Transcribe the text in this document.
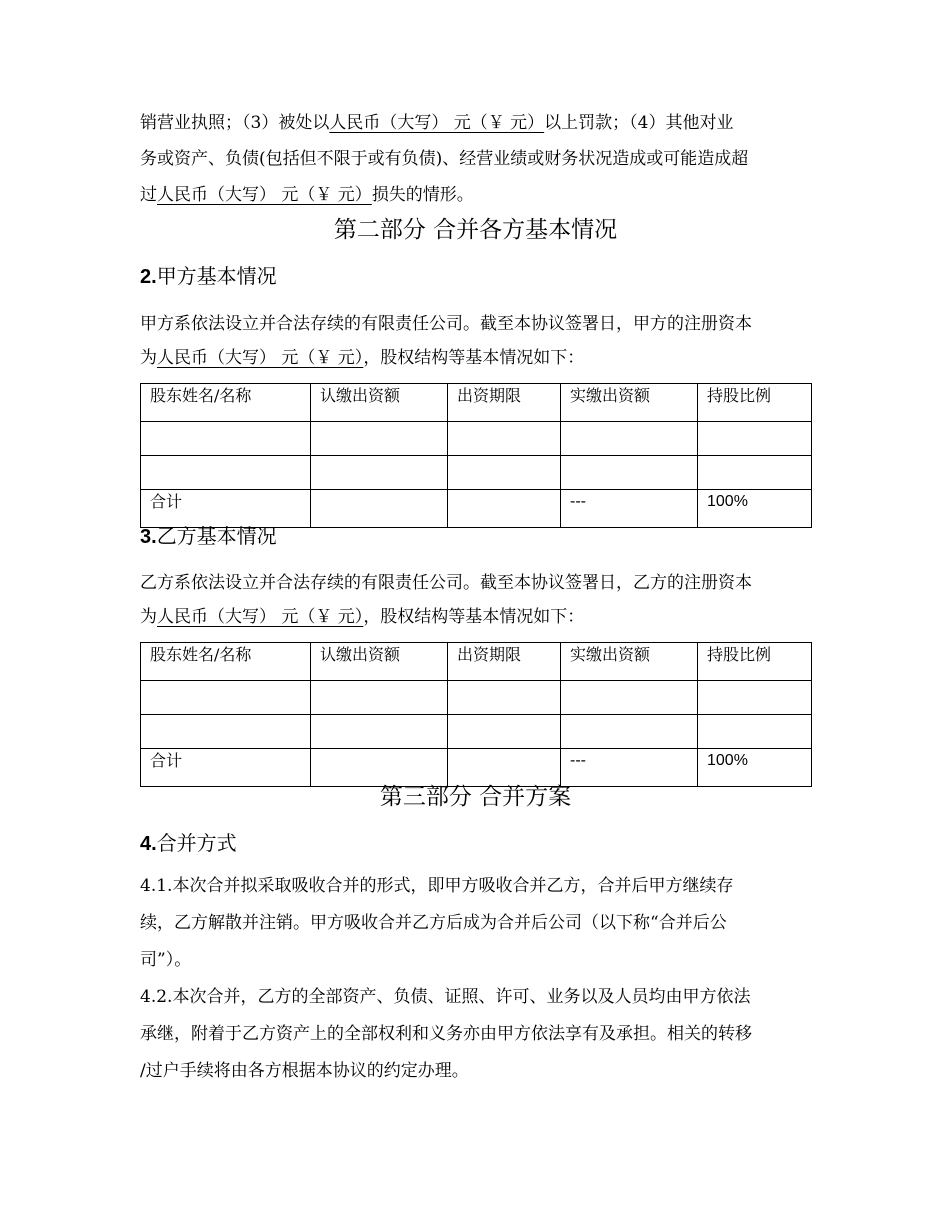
销营业执照；（3）被处以人民币（大写） 元（￥ 元）以上罚款；（4）其他对业
务或资产、负债(包括但不限于或有负债)、经营业绩或财务状况造成或可能造成超
过人民币（大写） 元（￥ 元）损失的情形。
第二部分 合并各方基本情况
2.甲方基本情况
甲方系依法设立并合法存续的有限责任公司。截至本协议签署日，甲方的注册资本
为人民币（大写） 元（￥ 元），股权结构等基本情况如下：
股东姓名/名称	认缴出资额	出资期限	实缴出资额	持股比例

合计			---	100%
3.乙方基本情况
乙方系依法设立并合法存续的有限责任公司。截至本协议签署日，乙方的注册资本
为人民币（大写） 元（￥ 元），股权结构等基本情况如下：
股东姓名/名称	认缴出资额	出资期限	实缴出资额	持股比例

合计			---	100%
第三部分 合并方案
4.合并方式
4.1.本次合并拟采取吸收合并的形式，即甲方吸收合并乙方，合并后甲方继续存
续，乙方解散并注销。甲方吸收合并乙方后成为合并后公司（以下称“合并后公
司”）。
4.2.本次合并，乙方的全部资产、负债、证照、许可、业务以及人员均由甲方依法
承继，附着于乙方资产上的全部权利和义务亦由甲方依法享有及承担。相关的转移
/过户手续将由各方根据本协议的约定办理。
